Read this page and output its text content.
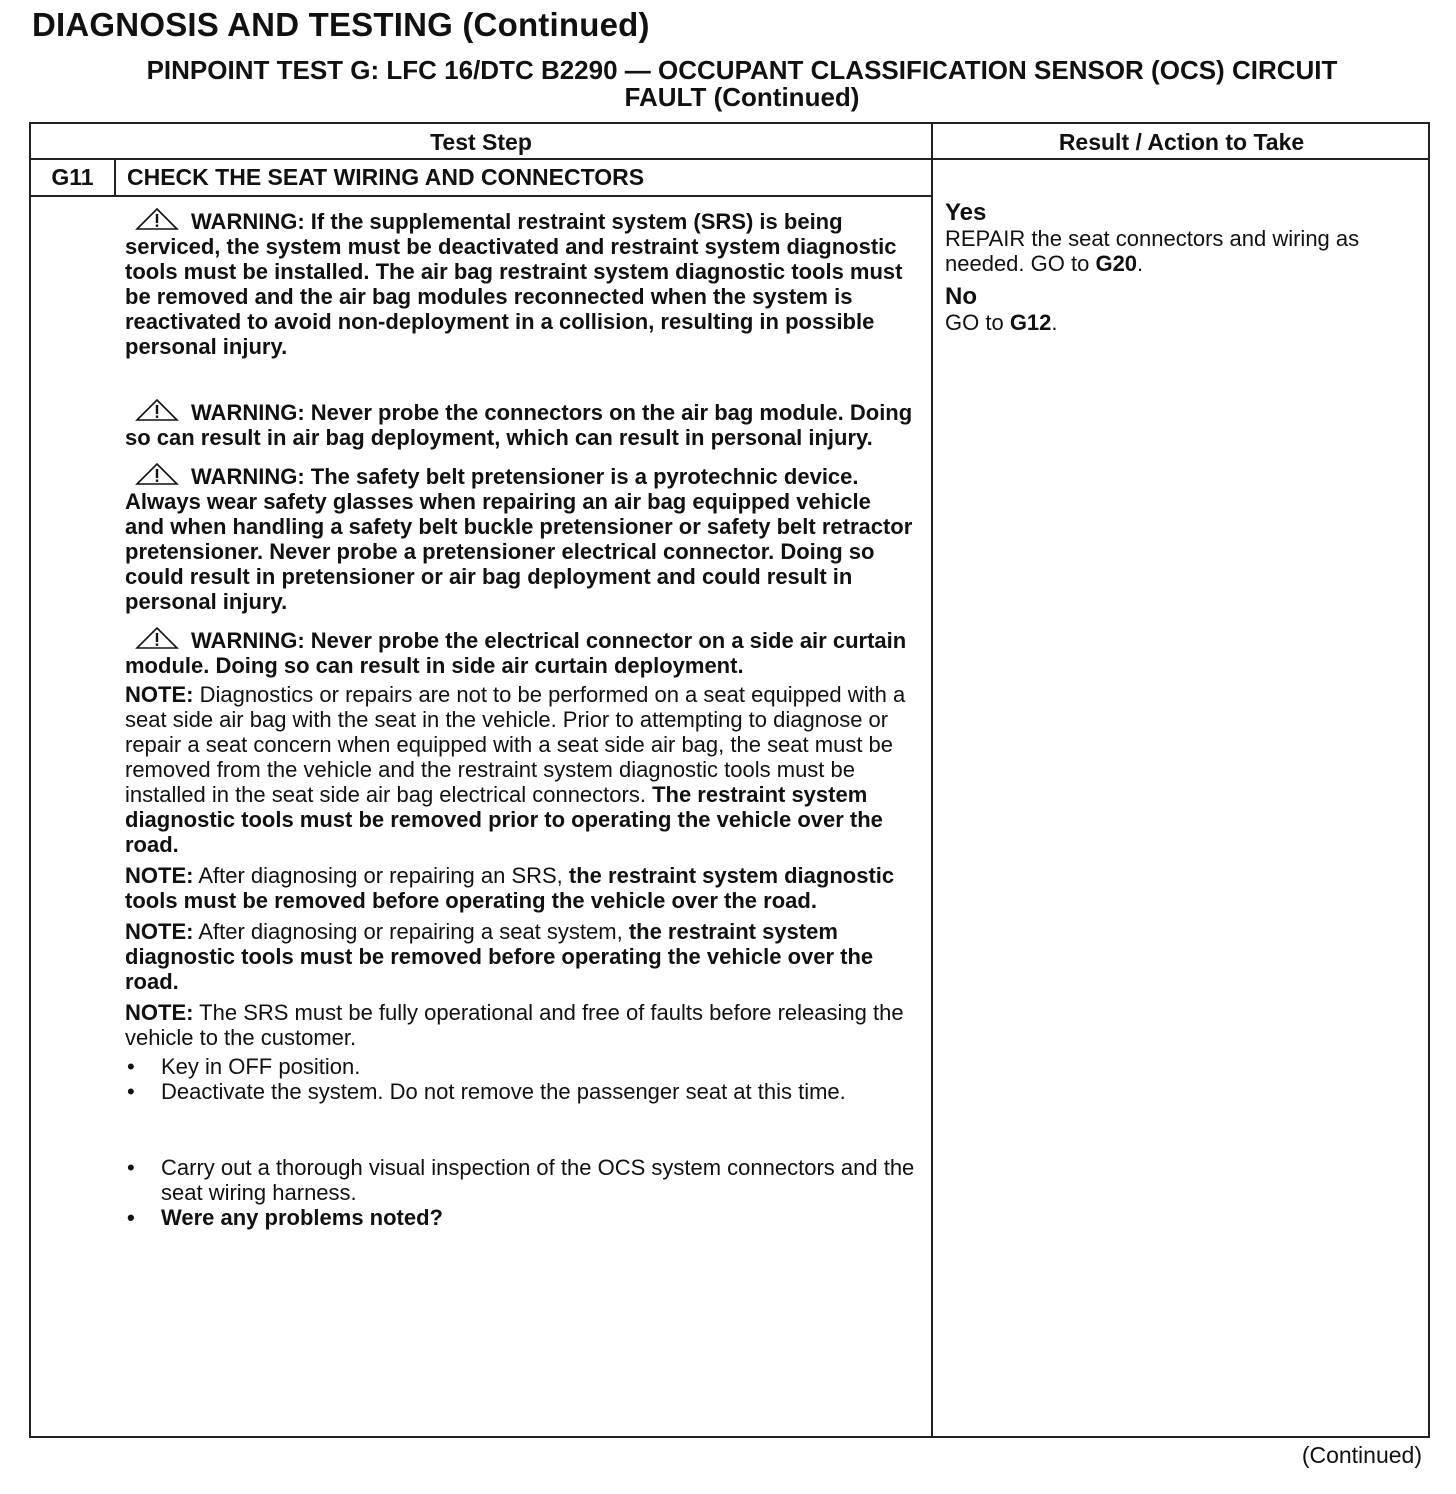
DIAGNOSIS AND TESTING (Continued)
PINPOINT TEST G: LFC 16/DTC B2290 — OCCUPANT CLASSIFICATION SENSOR (OCS) CIRCUIT
FAULT (Continued)
Test Step	Result / Action to Take
G11	CHECK THE SEAT WIRING AND CONNECTORS

WARNING: If the supplemental restraint system (SRS) is being serviced, the system must be deactivated and restraint system diagnostic tools must be installed. The air bag restraint system diagnostic tools must be removed and the air bag modules reconnected when the system is reactivated to avoid non-deployment in a collision, resulting in possible personal injury.

WARNING: Never probe the connectors on the air bag module. Doing so can result in air bag deployment, which can result in personal injury.

WARNING: The safety belt pretensioner is a pyrotechnic device. Always wear safety glasses when repairing an air bag equipped vehicle and when handling a safety belt buckle pretensioner or safety belt retractor pretensioner. Never probe a pretensioner electrical connector. Doing so could result in pretensioner or air bag deployment and could result in personal injury.

WARNING: Never probe the electrical connector on a side air curtain module. Doing so can result in side air curtain deployment.

NOTE: Diagnostics or repairs are not to be performed on a seat equipped with a seat side air bag with the seat in the vehicle. Prior to attempting to diagnose or repair a seat concern when equipped with a seat side air bag, the seat must be removed from the vehicle and the restraint system diagnostic tools must be installed in the seat side air bag electrical connectors. The restraint system diagnostic tools must be removed prior to operating the vehicle over the road.

NOTE: After diagnosing or repairing an SRS, the restraint system diagnostic tools must be removed before operating the vehicle over the road.

NOTE: After diagnosing or repairing a seat system, the restraint system diagnostic tools must be removed before operating the vehicle over the road.

NOTE: The SRS must be fully operational and free of faults before releasing the vehicle to the customer.

• Key in OFF position.
• Deactivate the system. Do not remove the passenger seat at this time.
• Carry out a thorough visual inspection of the OCS system connectors and the seat wiring harness.
• Were any problems noted?
Yes
REPAIR the seat connectors and wiring as needed. GO to G20.
No
GO to G12.
(Continued)
